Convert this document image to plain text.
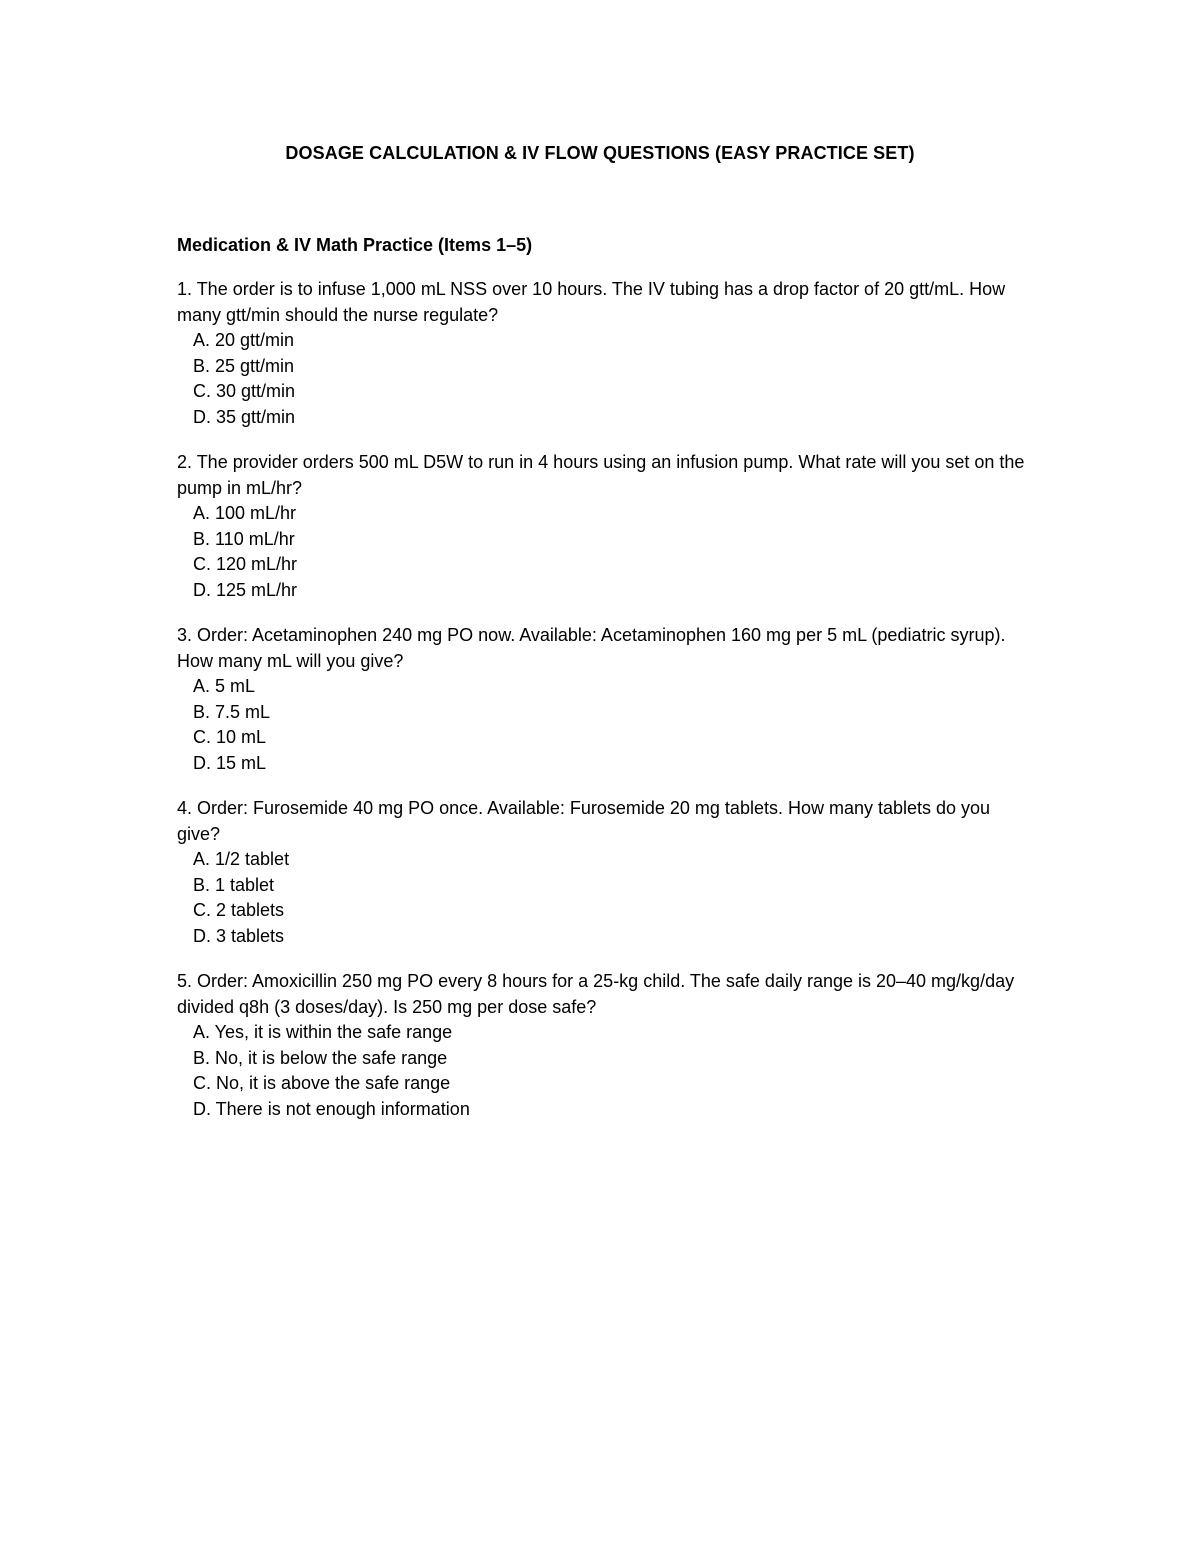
DOSAGE CALCULATION & IV FLOW QUESTIONS (EASY PRACTICE SET)
Medication & IV Math Practice (Items 1–5)

1. The order is to infuse 1,000 mL NSS over 10 hours. The IV tubing has a drop factor of 20 gtt/mL. How many gtt/min should the nurse regulate?

A. 20 gtt/min
B. 25 gtt/min
C. 30 gtt/min
D. 35 gtt/min

2. The provider orders 500 mL D5W to run in 4 hours using an infusion pump. What rate will you set on the pump in mL/hr?

A. 100 mL/hr
B. 110 mL/hr
C. 120 mL/hr
D. 125 mL/hr

3. Order: Acetaminophen 240 mg PO now. Available: Acetaminophen 160 mg per 5 mL (pediatric syrup). How many mL will you give?

A. 5 mL
B. 7.5 mL
C. 10 mL
D. 15 mL

4. Order: Furosemide 40 mg PO once. Available: Furosemide 20 mg tablets. How many tablets do you give?

A. 1/2 tablet
B. 1 tablet
C. 2 tablets
D. 3 tablets

5. Order: Amoxicillin 250 mg PO every 8 hours for a 25-kg child. The safe daily range is 20–40 mg/kg/day divided q8h (3 doses/day). Is 250 mg per dose safe?

A. Yes, it is within the safe range
B. No, it is below the safe range
C. No, it is above the safe range
D. There is not enough information
